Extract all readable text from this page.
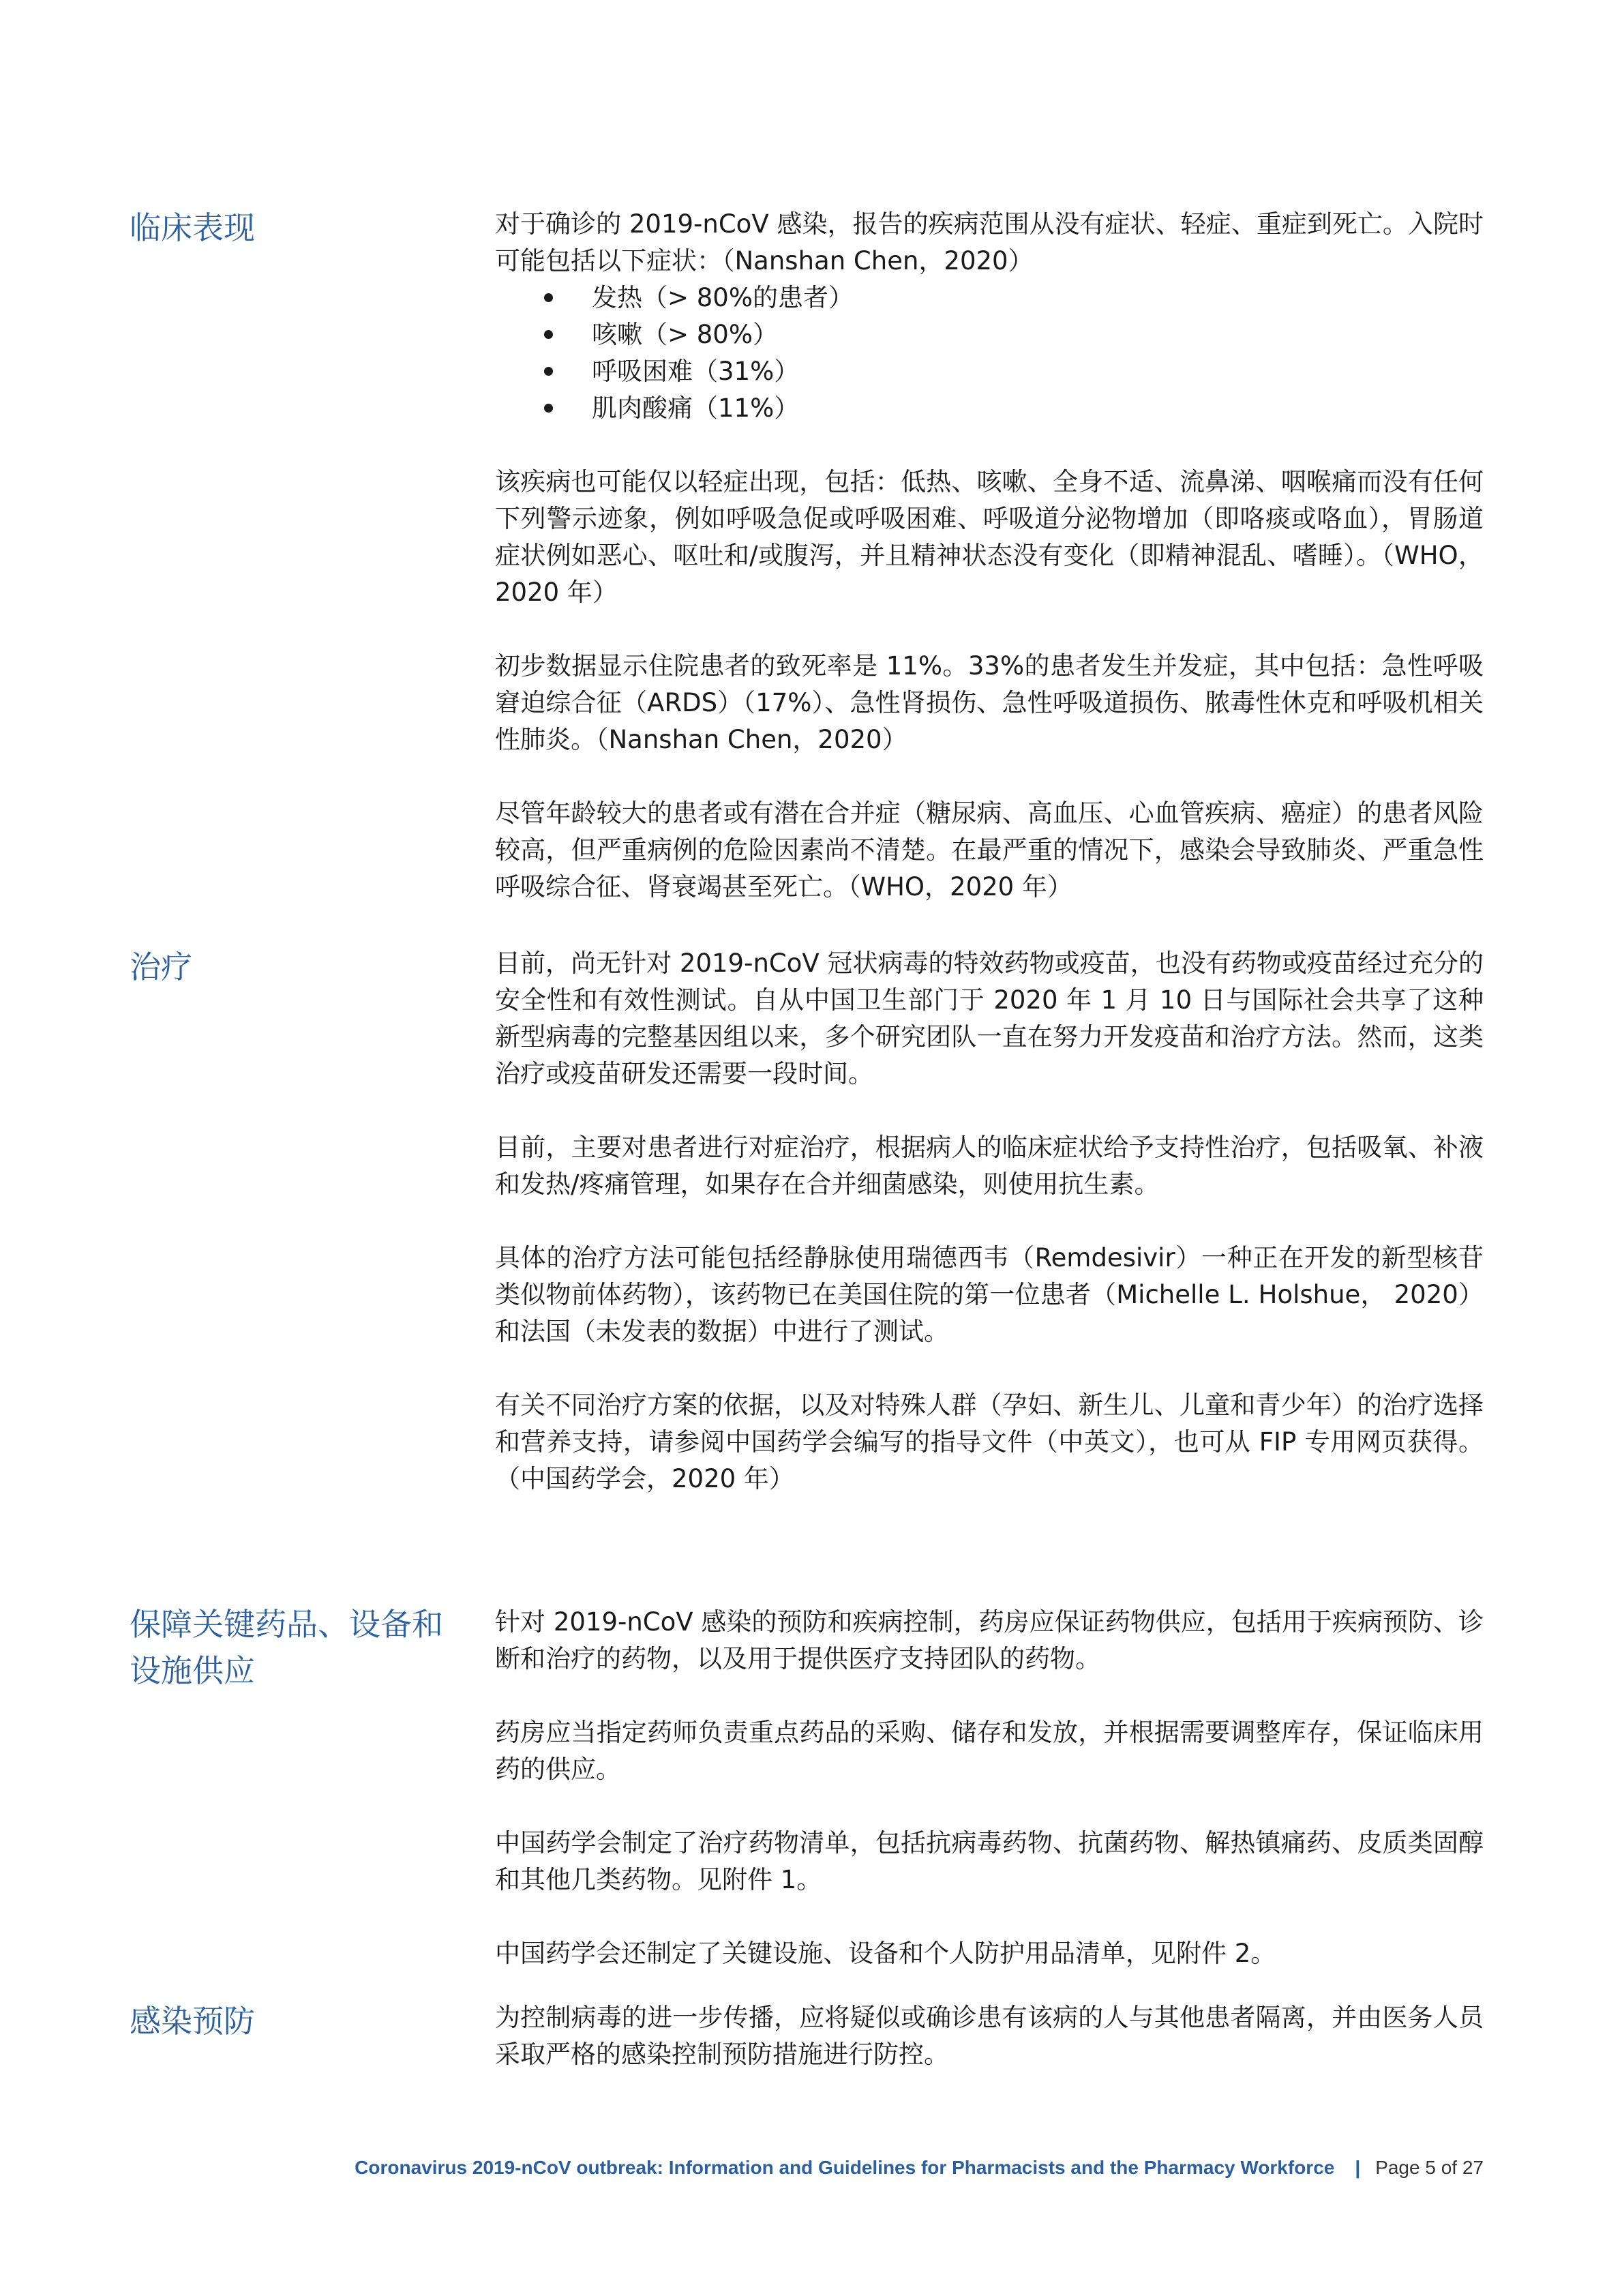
临床表现	对于确诊的 2019-nCoV 感染，报告的疾病范围从没有症状、轻症、重症到死亡。入院时可能包括以下症状：（Nanshan Chen，2020）

发热（> 80%的患者）
咳嗽（> 80%）
呼吸困难（31%）
肌肉酸痛（11%）

该疾病也可能仅以轻症出现，包括：低热、咳嗽、全身不适、流鼻涕、咽喉痛而没有任何下列警示迹象，例如呼吸急促或呼吸困难、呼吸道分泌物增加（即咯痰或咯血），胃肠道症状例如恶心、呕吐和/或腹泻，并且精神状态没有变化（即精神混乱、嗜睡）。（WHO，2020 年）

初步数据显示住院患者的致死率是 11%。33%的患者发生并发症，其中包括：急性呼吸窘迫综合征（ARDS）（17%）、急性肾损伤、急性呼吸道损伤、脓毒性休克和呼吸机相关性肺炎。（Nanshan Chen，2020）

尽管年龄较大的患者或有潜在合并症（糖尿病、高血压、心血管疾病、癌症）的患者风险较高，但严重病例的危险因素尚不清楚。在最严重的情况下，感染会导致肺炎、严重急性呼吸综合征、肾衰竭甚至死亡。（WHO，2020 年）

治疗	目前，尚无针对 2019-nCoV 冠状病毒的特效药物或疫苗，也没有药物或疫苗经过充分的安全性和有效性测试。自从中国卫生部门于 2020 年 1 月 10 日与国际社会共享了这种新型病毒的完整基因组以来，多个研究团队一直在努力开发疫苗和治疗方法。然而，这类治疗或疫苗研发还需要一段时间。

目前，主要对患者进行对症治疗，根据病人的临床症状给予支持性治疗，包括吸氧、补液和发热/疼痛管理，如果存在合并细菌感染，则使用抗生素。

具体的治疗方法可能包括经静脉使用瑞德西韦（Remdesivir）一种正在开发的新型核苷类似物前体药物），该药物已在美国住院的第一位患者（Michelle L. Holshue， 2020）和法国（未发表的数据）中进行了测试。

有关不同治疗方案的依据，以及对特殊人群（孕妇、新生儿、儿童和青少年）的治疗选择和营养支持，请参阅中国药学会编写的指导文件（中英文），也可从 FIP 专用网页获得。（中国药学会，2020 年）

保障关键药品、设备和设施供应

针对 2019-nCoV 感染的预防和疾病控制，药房应保证药物供应，包括用于疾病预防、诊断和治疗的药物，以及用于提供医疗支持团队的药物。

药房应当指定药师负责重点药品的采购、储存和发放，并根据需要调整库存，保证临床用药的供应。

中国药学会制定了治疗药物清单，包括抗病毒药物、抗菌药物、解热镇痛药、皮质类固醇和其他几类药物。见附件 1。

中国药学会还制定了关键设施、设备和个人防护用品清单，见附件 2。

感染预防	为控制病毒的进一步传播，应将疑似或确诊患有该病的人与其他患者隔离，并由医务人员采取严格的感染控制预防措施进行防控。

Coronavirus 2019-nCoV outbreak: Information and Guidelines for Pharmacists and the Pharmacy Workforce | Page 5 of 27
